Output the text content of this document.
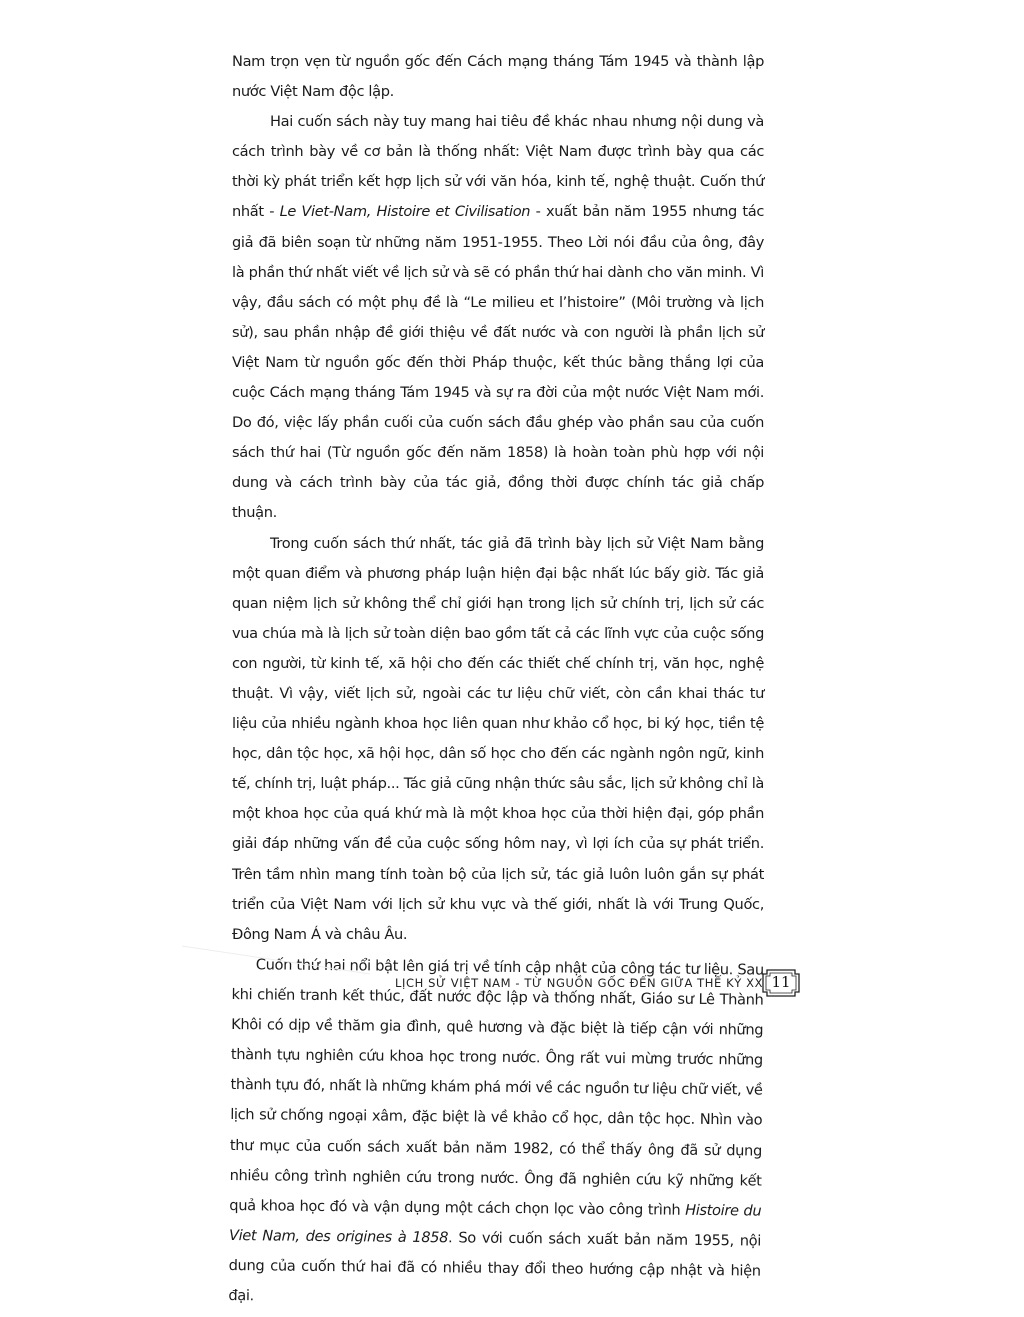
Nam trọn vẹn từ nguồn gốc đến Cách mạng tháng Tám 1945 và thành lập nước Việt Nam độc lập.

Hai cuốn sách này tuy mang hai tiêu đề khác nhau nhưng nội dung và cách trình bày về cơ bản là thống nhất: Việt Nam được trình bày qua các thời kỳ phát triển kết hợp lịch sử với văn hóa, kinh tế, nghệ thuật. Cuốn thứ nhất - Le Viet-Nam, Histoire et Civilisation - xuất bản năm 1955 nhưng tác giả đã biên soạn từ những năm 1951-1955. Theo Lời nói đầu của ông, đây là phần thứ nhất viết về lịch sử và sẽ có phần thứ hai dành cho văn minh. Vì vậy, đầu sách có một phụ đề là “Le milieu et l’histoire” (Môi trường và lịch sử), sau phần nhập đề giới thiệu về đất nước và con người là phần lịch sử Việt Nam từ nguồn gốc đến thời Pháp thuộc, kết thúc bằng thắng lợi của cuộc Cách mạng tháng Tám 1945 và sự ra đời của một nước Việt Nam mới. Do đó, việc lấy phần cuối của cuốn sách đầu ghép vào phần sau của cuốn sách thứ hai (Từ nguồn gốc đến năm 1858) là hoàn toàn phù hợp với nội dung và cách trình bày của tác giả, đồng thời được chính tác giả chấp thuận.

Trong cuốn sách thứ nhất, tác giả đã trình bày lịch sử Việt Nam bằng một quan điểm và phương pháp luận hiện đại bậc nhất lúc bấy giờ. Tác giả quan niệm lịch sử không thể chỉ giới hạn trong lịch sử chính trị, lịch sử các vua chúa mà là lịch sử toàn diện bao gồm tất cả các lĩnh vực của cuộc sống con người, từ kinh tế, xã hội cho đến các thiết chế chính trị, văn học, nghệ thuật. Vì vậy, viết lịch sử, ngoài các tư liệu chữ viết, còn cần khai thác tư liệu của nhiều ngành khoa học liên quan như khảo cổ học, bi ký học, tiền tệ học, dân tộc học, xã hội học, dân số học cho đến các ngành ngôn ngữ, kinh tế, chính trị, luật pháp... Tác giả cũng nhận thức sâu sắc, lịch sử không chỉ là một khoa học của quá khứ mà là một khoa học của thời hiện đại, góp phần giải đáp những vấn đề của cuộc sống hôm nay, vì lợi ích của sự phát triển. Trên tầm nhìn mang tính toàn bộ của lịch sử, tác giả luôn luôn gắn sự phát triển của Việt Nam với lịch sử khu vực và thế giới, nhất là với Trung Quốc, Đông Nam Á và châu Âu.

Cuốn thứ hai nổi bật lên giá trị về tính cập nhật của công tác tư liệu. Sau khi chiến tranh kết thúc, đất nước độc lập và thống nhất, Giáo sư Lê Thành Khôi có dịp về thăm gia đình, quê hương và đặc biệt là tiếp cận với những thành tựu nghiên cứu khoa học trong nước. Ông rất vui mừng trước những thành tựu đó, nhất là những khám phá mới về các nguồn tư liệu chữ viết, về lịch sử chống ngoại xâm, đặc biệt là về khảo cổ học, dân tộc học. Nhìn vào thư mục của cuốn sách xuất bản năm 1982, có thể thấy ông đã sử dụng nhiều công trình nghiên cứu trong nước. Ông đã nghiên cứu kỹ những kết quả khoa học đó và vận dụng một cách chọn lọc vào công trình Histoire du Viet Nam, des origines à 1858. So với cuốn sách xuất bản năm 1955, nội dung của cuốn thứ hai đã có nhiều thay đổi theo hướng cập nhật và hiện đại.

LỊCH SỬ VIỆT NAM - TỪ NGUỒN GỐC ĐẾN GIỮA THẾ KỶ XX 11
